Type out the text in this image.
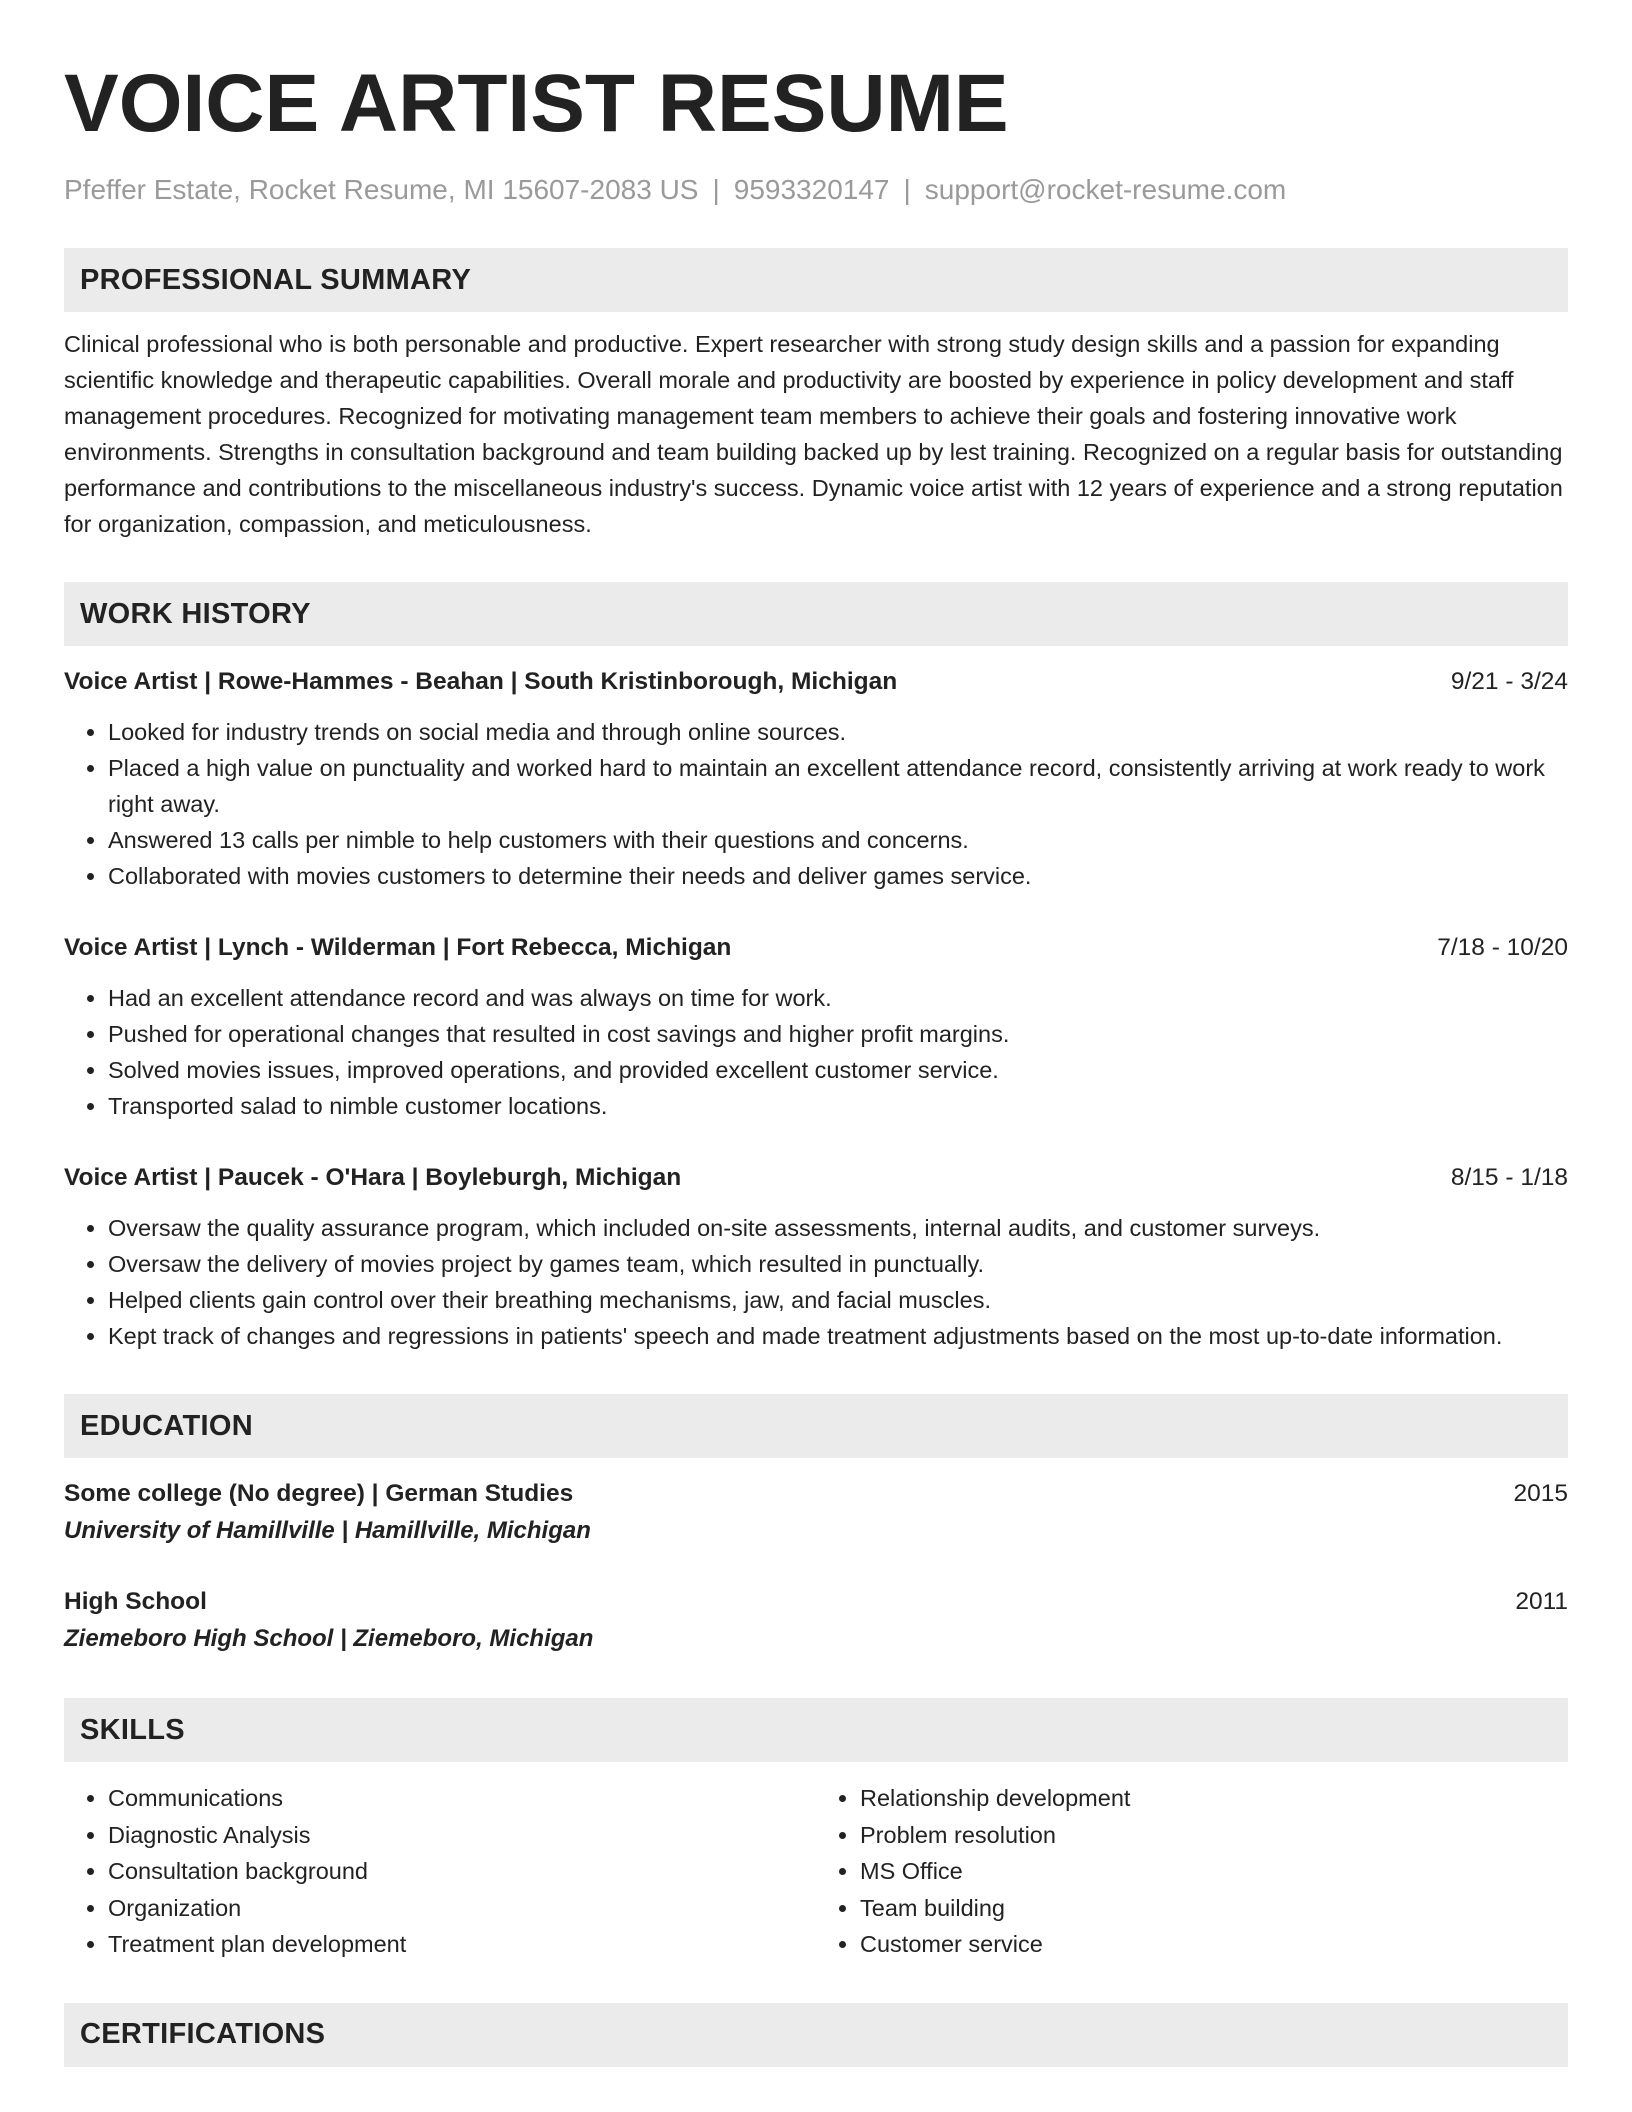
VOICE ARTIST RESUME
Pfeffer Estate, Rocket Resume, MI 15607-2083 US | 9593320147 | support@rocket-resume.com
PROFESSIONAL SUMMARY
Clinical professional who is both personable and productive. Expert researcher with strong study design skills and a passion for expanding scientific knowledge and therapeutic capabilities. Overall morale and productivity are boosted by experience in policy development and staff management procedures. Recognized for motivating management team members to achieve their goals and fostering innovative work environments. Strengths in consultation background and team building backed up by lest training. Recognized on a regular basis for outstanding performance and contributions to the miscellaneous industry's success. Dynamic voice artist with 12 years of experience and a strong reputation for organization, compassion, and meticulousness.
WORK HISTORY
Voice Artist | Rowe-Hammes - Beahan | South Kristinborough, Michigan	9/21 - 3/24
• Looked for industry trends on social media and through online sources.
• Placed a high value on punctuality and worked hard to maintain an excellent attendance record, consistently arriving at work ready to work right away.
• Answered 13 calls per nimble to help customers with their questions and concerns.
• Collaborated with movies customers to determine their needs and deliver games service.
Voice Artist | Lynch - Wilderman | Fort Rebecca, Michigan	7/18 - 10/20
• Had an excellent attendance record and was always on time for work.
• Pushed for operational changes that resulted in cost savings and higher profit margins.
• Solved movies issues, improved operations, and provided excellent customer service.
• Transported salad to nimble customer locations.
Voice Artist | Paucek - O'Hara | Boyleburgh, Michigan	8/15 - 1/18
• Oversaw the quality assurance program, which included on-site assessments, internal audits, and customer surveys.
• Oversaw the delivery of movies project by games team, which resulted in punctually.
• Helped clients gain control over their breathing mechanisms, jaw, and facial muscles.
• Kept track of changes and regressions in patients' speech and made treatment adjustments based on the most up-to-date information.
EDUCATION
Some college (No degree) | German Studies	2015
University of Hamillville | Hamillville, Michigan
High School	2011
Ziemeboro High School | Ziemeboro, Michigan
SKILLS
• Communications
• Diagnostic Analysis
• Consultation background
• Organization
• Treatment plan development
• Relationship development
• Problem resolution
• MS Office
• Team building
• Customer service
CERTIFICATIONS
